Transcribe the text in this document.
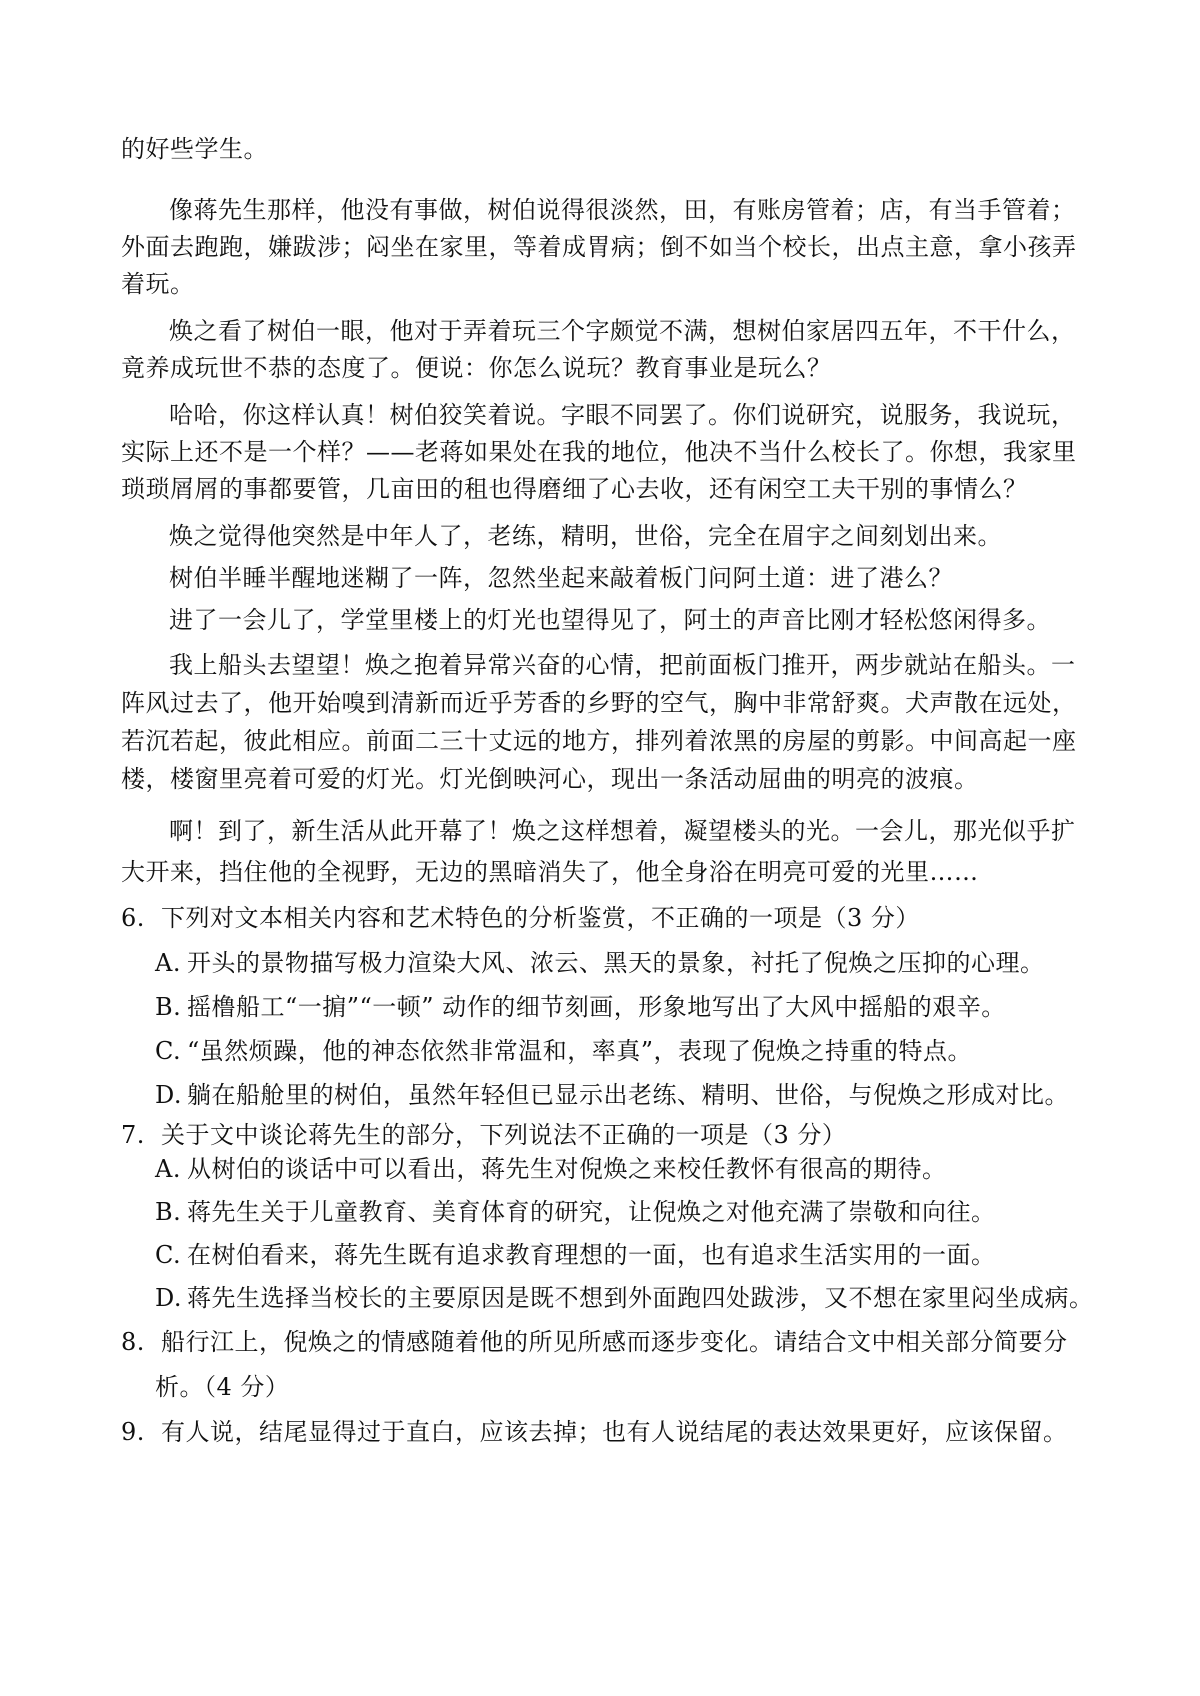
的好些学生。
像蒋先生那样，他没有事做，树伯说得很淡然，田，有账房管着；店，有当手管着；
外面去跑跑，嫌跋涉；闷坐在家里，等着成胃病；倒不如当个校长，出点主意，拿小孩弄
着玩。
焕之看了树伯一眼，他对于弄着玩三个字颇觉不满，想树伯家居四五年，不干什么，
竟养成玩世不恭的态度了。便说：你怎么说玩？教育事业是玩么？
哈哈，你这样认真！树伯狡笑着说。字眼不同罢了。你们说研究，说服务，我说玩，
实际上还不是一个样？——老蒋如果处在我的地位，他决不当什么校长了。你想，我家里
琐琐屑屑的事都要管，几亩田的租也得磨细了心去收，还有闲空工夫干别的事情么？
焕之觉得他突然是中年人了，老练，精明，世俗，完全在眉宇之间刻划出来。
树伯半睡半醒地迷糊了一阵，忽然坐起来敲着板门问阿土道：进了港么？
进了一会儿了，学堂里楼上的灯光也望得见了，阿土的声音比刚才轻松悠闲得多。
我上船头去望望！焕之抱着异常兴奋的心情，把前面板门推开，两步就站在船头。一
阵风过去了，他开始嗅到清新而近乎芳香的乡野的空气，胸中非常舒爽。犬声散在远处，
若沉若起，彼此相应。前面二三十丈远的地方，排列着浓黑的房屋的剪影。中间高起一座
楼，楼窗里亮着可爱的灯光。灯光倒映河心，现出一条活动屈曲的明亮的波痕。
啊！到了，新生活从此开幕了！焕之这样想着，凝望楼头的光。一会儿，那光似乎扩
大开来，挡住他的全视野，无边的黑暗消失了，他全身浴在明亮可爱的光里……
6. 下列对文本相关内容和艺术特色的分析鉴赏，不正确的一项是（3 分）
A. 开头的景物描写极力渲染大风、浓云、黑天的景象，衬托了倪焕之压抑的心理。
B. 摇橹船工“一掮”“一顿” 动作的细节刻画，形象地写出了大风中摇船的艰辛。
C. “虽然烦躁，他的神态依然非常温和，率真”，表现了倪焕之持重的特点。
D. 躺在船舱里的树伯，虽然年轻但已显示出老练、精明、世俗，与倪焕之形成对比。
7. 关于文中谈论蒋先生的部分，下列说法不正确的一项是（3 分）
A. 从树伯的谈话中可以看出，蒋先生对倪焕之来校任教怀有很高的期待。
B. 蒋先生关于儿童教育、美育体育的研究，让倪焕之对他充满了崇敬和向往。
C. 在树伯看来，蒋先生既有追求教育理想的一面，也有追求生活实用的一面。
D. 蒋先生选择当校长的主要原因是既不想到外面跑四处跋涉，又不想在家里闷坐成病。
8. 船行江上，倪焕之的情感随着他的所见所感而逐步变化。请结合文中相关部分简要分
析。（4 分）
9. 有人说，结尾显得过于直白，应该去掉；也有人说结尾的表达效果更好，应该保留。
